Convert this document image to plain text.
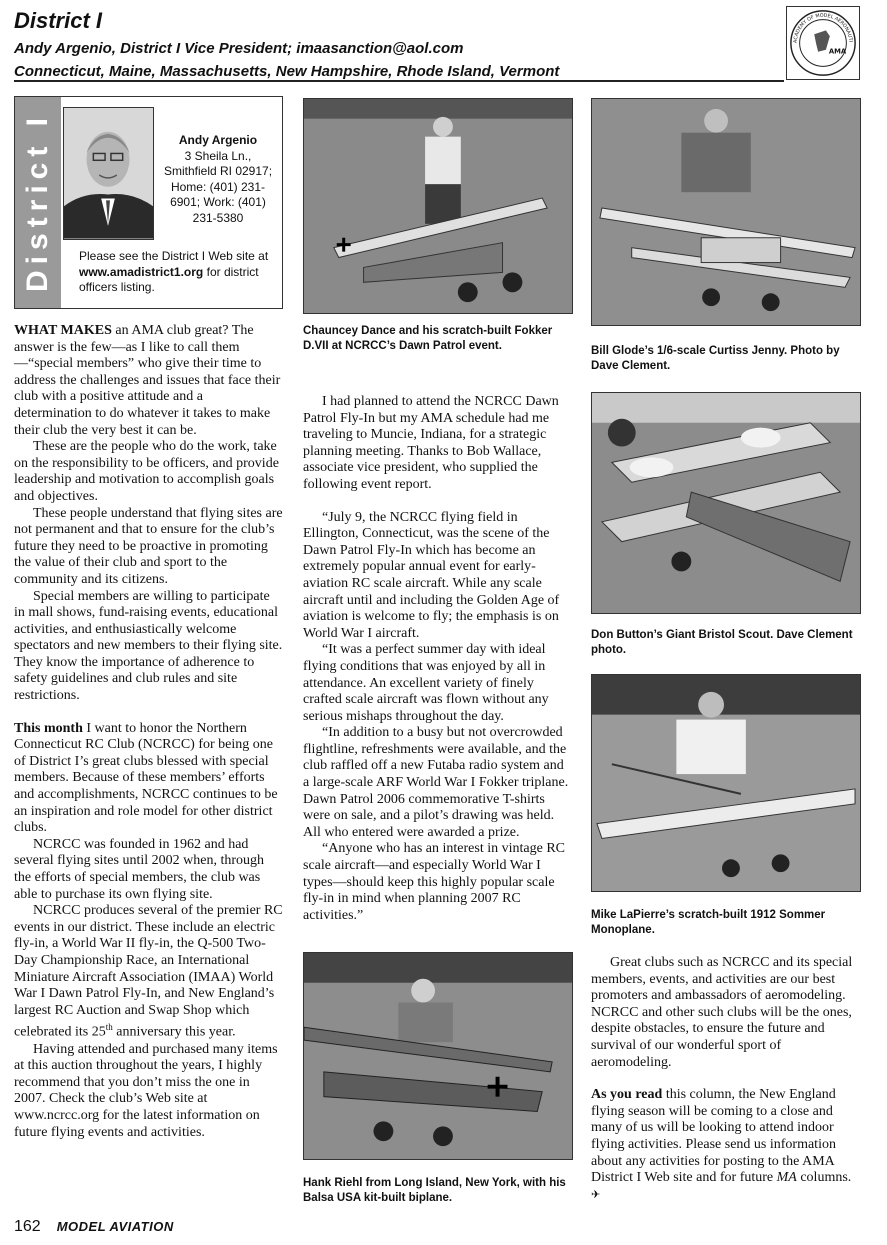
District I
Andy Argenio, District I Vice President; imaasanction@aol.com
Connecticut, Maine, Massachusetts, New Hampshire, Rhode Island, Vermont
ACADEMY OF MODEL AERONAUTI
AMA
District I	Andy Argenio
3 Sheila Ln.,
Smithfield RI 02917;
Home: (401) 231-6901; Work: (401) 231-5380
Please see the District I Web site at www.amadistrict1.org for district officers listing.
Chauncey Dance and his scratch-built Fokker D.VII at NCRCC’s Dawn Patrol event.	Bill Glode’s 1/6-scale Curtiss Jenny. Photo by Dave Clement.
Don Button’s Giant Bristol Scout. Dave Clement photo.
Mike LaPierre’s scratch-built 1912 Sommer Monoplane.
Hank Riehl from Long Island, New York, with his Balsa USA kit-built biplane.

WHAT MAKES an AMA club great? The answer is the few—as I like to call them—“special members” who give their time to address the challenges and issues that face their club with a positive attitude and a determination to do whatever it takes to make their club the very best it can be.

These are the people who do the work, take on the responsibility to be officers, and provide leadership and motivation to accomplish goals and objectives.

These people understand that flying sites are not permanent and that to ensure for the club’s future they need to be proactive in promoting the value of their club and sport to the community and its citizens.

Special members are willing to participate in mall shows, fund-raising events, educational activities, and enthusiastically welcome spectators and new members to their flying site. They know the importance of adherence to safety guidelines and club rules and site restrictions.

This month I want to honor the Northern Connecticut RC Club (NCRCC) for being one of District I’s great clubs blessed with special members. Because of these members’ efforts and accomplishments, NCRCC continues to be an inspiration and role model for other district clubs.

NCRCC was founded in 1962 and had several flying sites until 2002 when, through the efforts of special members, the club was able to purchase its own flying site.

NCRCC produces several of the premier RC events in our district. These include an electric fly-in, a World War II fly-in, the Q-500 Two-Day Championship Race, an International Miniature Aircraft Association (IMAA) World War I Dawn Patrol Fly-In, and New England’s largest RC Auction and Swap Shop which celebrated its 25th anniversary this year.

Having attended and purchased many items at this auction throughout the years, I highly recommend that you don’t miss the one in 2007. Check the club’s Web site at www.ncrcc.org for the latest information on future flying events and activities.

I had planned to attend the NCRCC Dawn Patrol Fly-In but my AMA schedule had me traveling to Muncie, Indiana, for a strategic planning meeting. Thanks to Bob Wallace, associate vice president, who supplied the following event report.

“July 9, the NCRCC flying field in Ellington, Connecticut, was the scene of the Dawn Patrol Fly-In which has become an extremely popular annual event for early-aviation RC scale aircraft. While any scale aircraft until and including the Golden Age of aviation is welcome to fly; the emphasis is on World War I aircraft.

“It was a perfect summer day with ideal flying conditions that was enjoyed by all in attendance. An excellent variety of finely crafted scale aircraft was flown without any serious mishaps throughout the day.

“In addition to a busy but not overcrowded flightline, refreshments were available, and the club raffled off a new Futaba radio system and a large-scale ARF World War I Fokker triplane. Dawn Patrol 2006 commemorative T-shirts were on sale, and a pilot’s drawing was held. All who entered were awarded a prize.

“Anyone who has an interest in vintage RC scale aircraft—and especially World War I types—should keep this highly popular scale fly-in in mind when planning 2007 RC activities.”

Great clubs such as NCRCC and its special members, events, and activities are our best promoters and ambassadors of aeromodeling. NCRCC and other such clubs will be the ones, despite obstacles, to ensure the future and survival of our wonderful sport of aeromodeling.

As you read this column, the New England flying season will be coming to a close and many of us will be looking to attend indoor flying activities. Please send us information about any activities for posting to the AMA District I Web site and for future MA columns. ✈

162 MODEL AVIATION
